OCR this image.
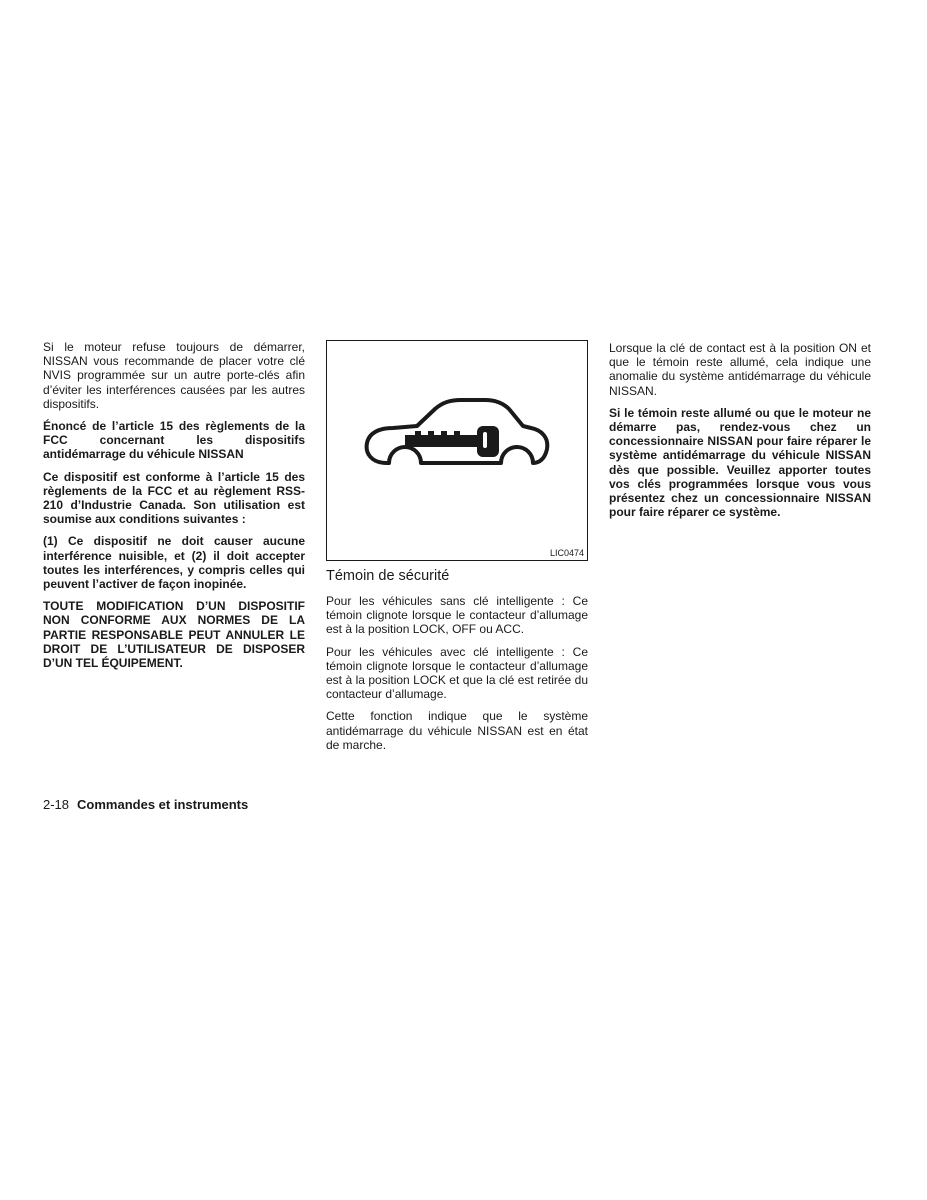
Si le moteur refuse toujours de démarrer, NISSAN vous recommande de placer votre clé NVIS programmée sur un autre porte-clés afin d’éviter les interférences causées par les autres dispositifs.

Énoncé de l’article 15 des règlements de la FCC concernant les dispositifs antidémarrage du véhicule NISSAN

Ce dispositif est conforme à l’article 15 des règlements de la FCC et au règlement RSS-210 d’Industrie Canada. Son utilisation est soumise aux conditions suivantes :

(1) Ce dispositif ne doit causer aucune interférence nuisible, et (2) il doit accepter toutes les interférences, y compris celles qui peuvent l’activer de façon inopinée.

TOUTE MODIFICATION D’UN DISPOSITIF NON CONFORME AUX NORMES DE LA PARTIE RESPONSABLE PEUT ANNULER LE DROIT DE L’UTILISATEUR DE DISPOSER D’UN TEL ÉQUIPEMENT.

LIC0474
Témoin de sécurité

Pour les véhicules sans clé intelligente : Ce témoin clignote lorsque le contacteur d’allumage est à la position LOCK, OFF ou ACC.

Pour les véhicules avec clé intelligente : Ce témoin clignote lorsque le contacteur d’allumage est à la position LOCK et que la clé est retirée du contacteur d’allumage.

Cette fonction indique que le système antidémarrage du véhicule NISSAN est en état de marche.

Lorsque la clé de contact est à la position ON et que le témoin reste allumé, cela indique une anomalie du système antidémarrage du véhicule NISSAN.

Si le témoin reste allumé ou que le moteur ne démarre pas, rendez-vous chez un concessionnaire NISSAN pour faire réparer le système antidémarrage du véhicule NISSAN dès que possible. Veuillez apporter toutes vos clés programmées lorsque vous vous présentez chez un concessionnaire NISSAN pour faire réparer ce système.

2-18 Commandes et instruments
